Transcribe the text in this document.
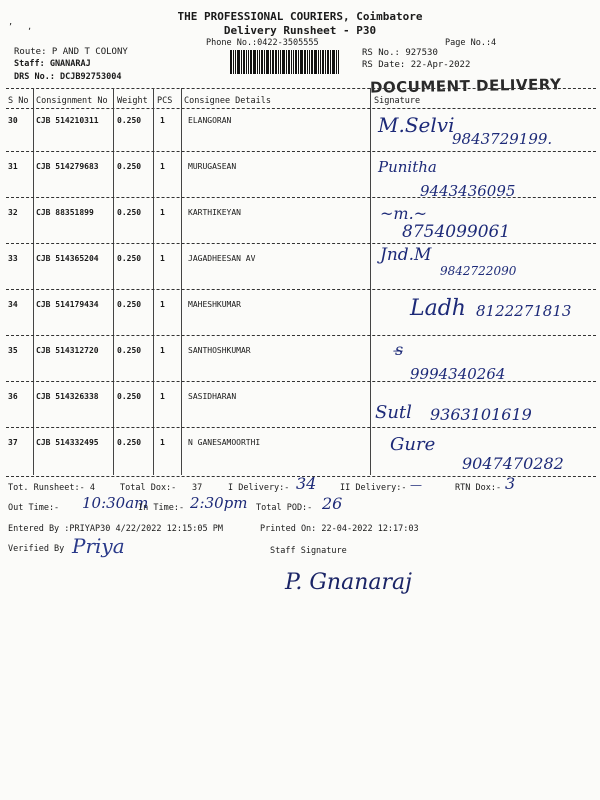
’   ,
THE PROFESSIONAL COURIERS, Coimbatore
Delivery Runsheet - P30
Phone No.:0422-3505555	Page No.:4
Route: P AND T COLONY
Staff: GNANARAJ
DRS No.: DCJB92753004
RS No.: 927530
RS Date: 22-Apr-2022
DOCUMENT DELIVERY
S No Consignment No Weight PCS Consignee Details	Signature
30 CJB 514210311 0.250 1	ELANGORAN	M.Selvi
9843729199.
31 CJB 514279683 0.250 1	MURUGASEAN	Punitha
9443436095
32 CJB 88351899	0.250 1	KARTHIKEYAN	~m.~
8754099061
33 CJB 514365204 0.250 1	JAGADHEESAN AV	Jnd.M
9842722090
34 CJB 514179434 0.250 1	MAHESHKUMAR	Ladh 8122271813
35 CJB 514312720 0.250 1	SANTHOSHKUMAR	s̶
9994340264
36 CJB 514326338 0.250 1	SASIDHARAN
Sutl 9363101619
37 CJB 514332495 0.250 1	N GANESAMOORTHI	Gure
9047470282
Tot. Runsheet:- 4	Total Dox:- 37	I Delivery:- 34	II Delivery:- —	RTN Dox:- 3
Out Time:- 10:30am
In Time:- 2:30pm Total POD:- 26
Entered By :PRIYAP30 4/22/2022 12:15:05 PM	Printed On: 22-04-2022 12:17:03
Verified By Priya	Staff Signature
P. Gnanaraj
